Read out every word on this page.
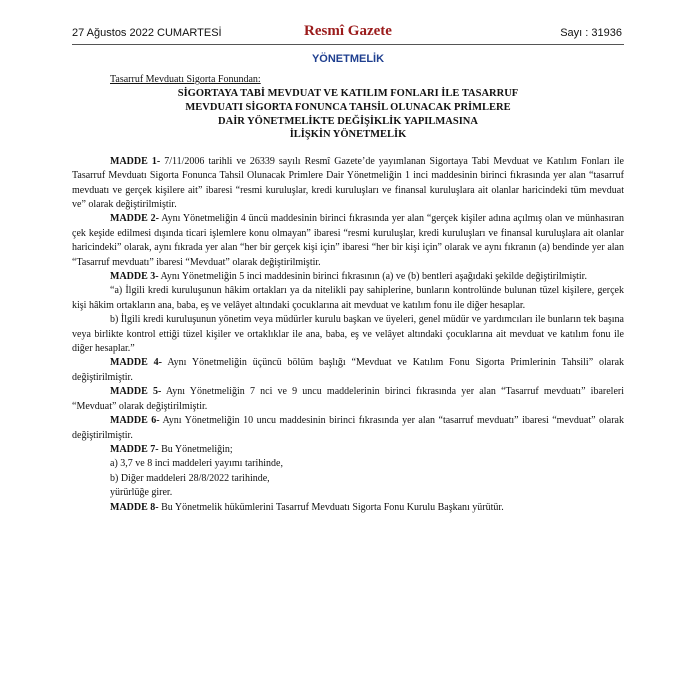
27 Ağustos 2022 CUMARTESİ	Resmî Gazete	Sayı : 31936
YÖNETMELİK

Tasarruf Mevduatı Sigorta Fonundan:

SİGORTAYA TABİ MEVDUAT VE KATILIM FONLARI İLE TASARRUF
MEVDUATI SİGORTA FONUNCA TAHSİL OLUNACAK PRİMLERE
DAİR YÖNETMELİKTE DEĞİŞİKLİK YAPILMASINA
İLİŞKİN YÖNETMELİK

MADDE 1- 7/11/2006 tarihli ve 26339 sayılı Resmî Gazete’de yayımlanan Sigortaya Tabi Mevduat ve Katılım Fonları ile Tasarruf Mevduatı Sigorta Fonunca Tahsil Olunacak Primlere Dair Yönetmeliğin 1 inci maddesinin birinci fıkrasında yer alan “tasarruf mevduatı ve gerçek kişilere ait” ibaresi “resmi kuruluşlar, kredi kuruluşları ve finansal kuruluşlara ait olanlar haricindeki tüm mevduat ve” olarak değiştirilmiştir.

MADDE 2- Aynı Yönetmeliğin 4 üncü maddesinin birinci fıkrasında yer alan “gerçek kişiler adına açılmış olan ve münhasıran çek keşide edilmesi dışında ticari işlemlere konu olmayan” ibaresi “resmi kuruluşlar, kredi kuruluşları ve finansal kuruluşlara ait olanlar haricindeki” olarak, aynı fıkrada yer alan “her bir gerçek kişi için” ibaresi “her bir kişi için” olarak ve aynı fıkranın (a) bendinde yer alan “Tasarruf mevduatı” ibaresi “Mevduat” olarak değiştirilmiştir.

MADDE 3- Aynı Yönetmeliğin 5 inci maddesinin birinci fıkrasının (a) ve (b) bentleri aşağıdaki şekilde değiştirilmiştir.

“a) İlgili kredi kuruluşunun hâkim ortakları ya da nitelikli pay sahiplerine, bunların kontrolünde bulunan tüzel kişilere, gerçek kişi hâkim ortakların ana, baba, eş ve velâyet altındaki çocuklarına ait mevduat ve katılım fonu ile diğer hesaplar.

b) İlgili kredi kuruluşunun yönetim veya müdürler kurulu başkan ve üyeleri, genel müdür ve yardımcıları ile bunların tek başına veya birlikte kontrol ettiği tüzel kişiler ve ortaklıklar ile ana, baba, eş ve velâyet altındaki çocuklarına ait mevduat ve katılım fonu ile diğer hesaplar.”

MADDE 4- Aynı Yönetmeliğin üçüncü bölüm başlığı “Mevduat ve Katılım Fonu Sigorta Primlerinin Tahsili” olarak değiştirilmiştir.

MADDE 5- Aynı Yönetmeliğin 7 nci ve 9 uncu maddelerinin birinci fıkrasında yer alan “Tasarruf mevduatı” ibareleri “Mevduat” olarak değiştirilmiştir.

MADDE 6- Aynı Yönetmeliğin 10 uncu maddesinin birinci fıkrasında yer alan “tasarruf mevduatı” ibaresi “mevduat” olarak değiştirilmiştir.

MADDE 7- Bu Yönetmeliğin;

a) 3,7 ve 8 inci maddeleri yayımı tarihinde,

b) Diğer maddeleri 28/8/2022 tarihinde,

yürürlüğe girer.

MADDE 8- Bu Yönetmelik hükümlerini Tasarruf Mevduatı Sigorta Fonu Kurulu Başkanı yürütür.
